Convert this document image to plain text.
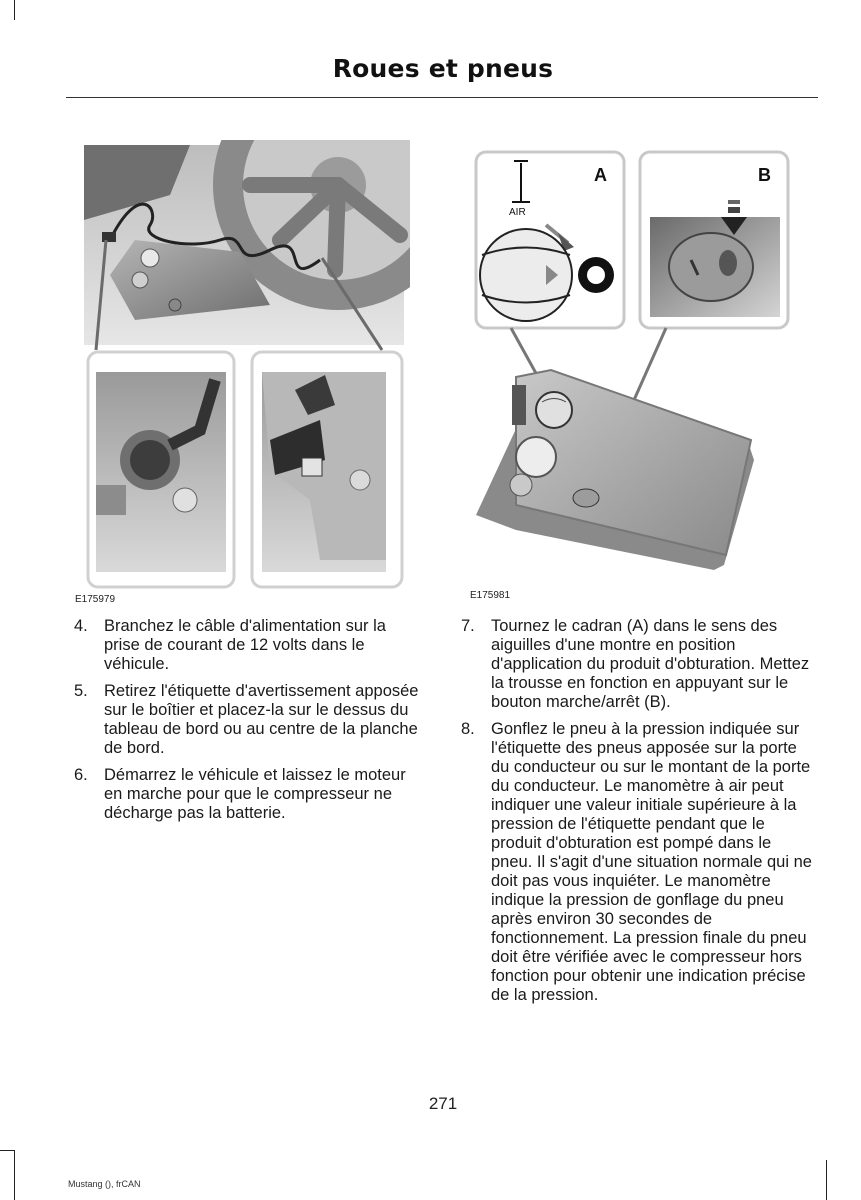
Roues et pneus
E175979
A
AIR
B
E175981
4. Branchez le câble d'alimentation sur la prise de courant de 12 volts dans le véhicule.
5. Retirez l'étiquette d'avertissement apposée sur le boîtier et placez-la sur le dessus du tableau de bord ou au centre de la planche de bord.
6. Démarrez le véhicule et laissez le moteur en marche pour que le compresseur ne décharge pas la batterie.
7. Tournez le cadran (A) dans le sens des aiguilles d'une montre en position d'application du produit d'obturation. Mettez la trousse en fonction en appuyant sur le bouton marche/arrêt (B).
8. Gonflez le pneu à la pression indiquée sur l'étiquette des pneus apposée sur la porte du conducteur ou sur le montant de la porte du conducteur. Le manomètre à air peut indiquer une valeur initiale supérieure à la pression de l'étiquette pendant que le produit d'obturation est pompé dans le pneu. Il s'agit d'une situation normale qui ne doit pas vous inquiéter. Le manomètre indique la pression de gonflage du pneu après environ 30 secondes de fonctionnement. La pression finale du pneu doit être vérifiée avec le compresseur hors fonction pour obtenir une indication précise de la pression.
271
Mustang (), frCAN
